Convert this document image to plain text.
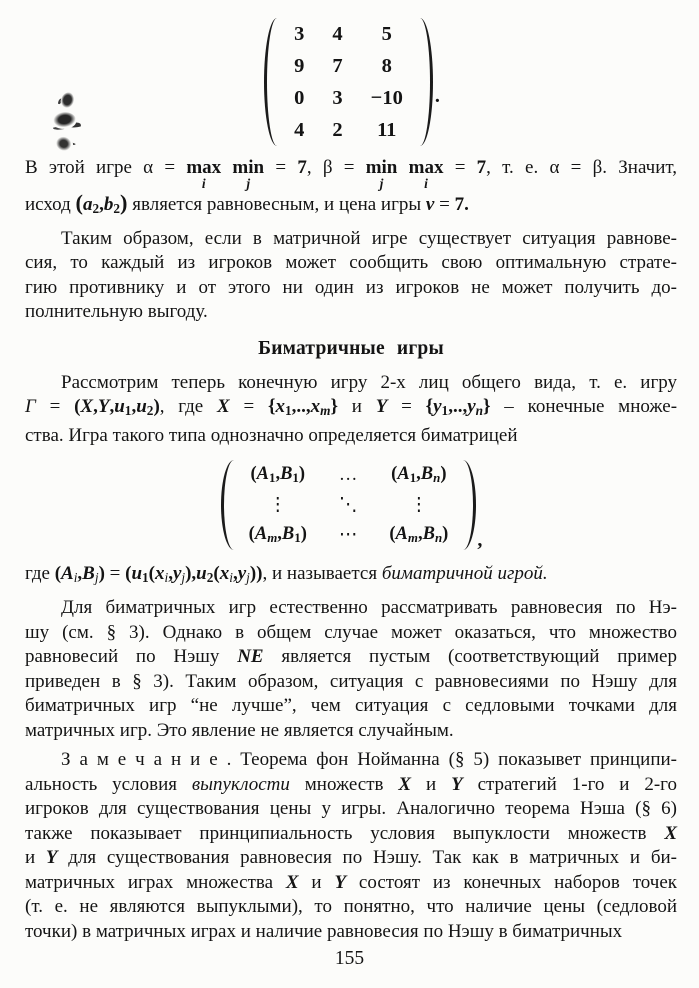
3 4 5
9 7 8
0 3 −10
4 2 11
.
В этой игре α = max
i

min
j
= 7, β = min
j

max
i
= 7, т. е. α = β. Значит,
исход (a2,b2) является равновесным, и цена игры v = 7.
Таким образом, если в матричной игре существует ситуация равнове-
сия, то каждый из игроков может сообщить свою оптимальную страте-
гию противнику и от этого ни один из игроков не может получить до-
полнительную выгоду.
Биматричные игры
Рассмотрим теперь конечную игру 2-х лиц общего вида, т. е. игру
Γ = (X,Y,u1,u2), где X = {x1,..,xm} и Y = {y1,..,yn} – конечные множе-
ства. Игра такого типа однозначно определяется биматрицей
(A1,B1) … (A1,Bn)
⋮	⋱	⋮
(Am,B1) ⋯ (Am,Bn) ,
где (Ai,Bj) = (u1(xi,yj),u2(xi,yj)), и называется биматричной игрой.
Для биматричных игр естественно рассматривать равновесия по Нэ-
шу (см. § 3). Однако в общем случае может оказаться, что множество
равновесий по Нэшу NE является пустым (соответствующий пример
приведен в § 3). Таким образом, ситуация с равновесиями по Нэшу для
биматричных игр “не лучше”, чем ситуация с седловыми точками для
матричных игр. Это явление не является случайным.
З а м е ч а н и е . Теорема фон Нойманна (§ 5) показывет принципи-
альность условия выпуклости множеств X и Y стратегий 1-го и 2-го
игроков для существования цены у игры. Аналогично теорема Нэша (§ 6)
также показывает принципиальность условия выпуклости множеств X
и Y для существования равновесия по Нэшу. Так как в матричных и би-
матричных играх множества X и Y состоят из конечных наборов точек
(т. е. не являются выпуклыми), то понятно, что наличие цены (седловой
точки) в матричных играх и наличие равновесия по Нэшу в биматричных
155
